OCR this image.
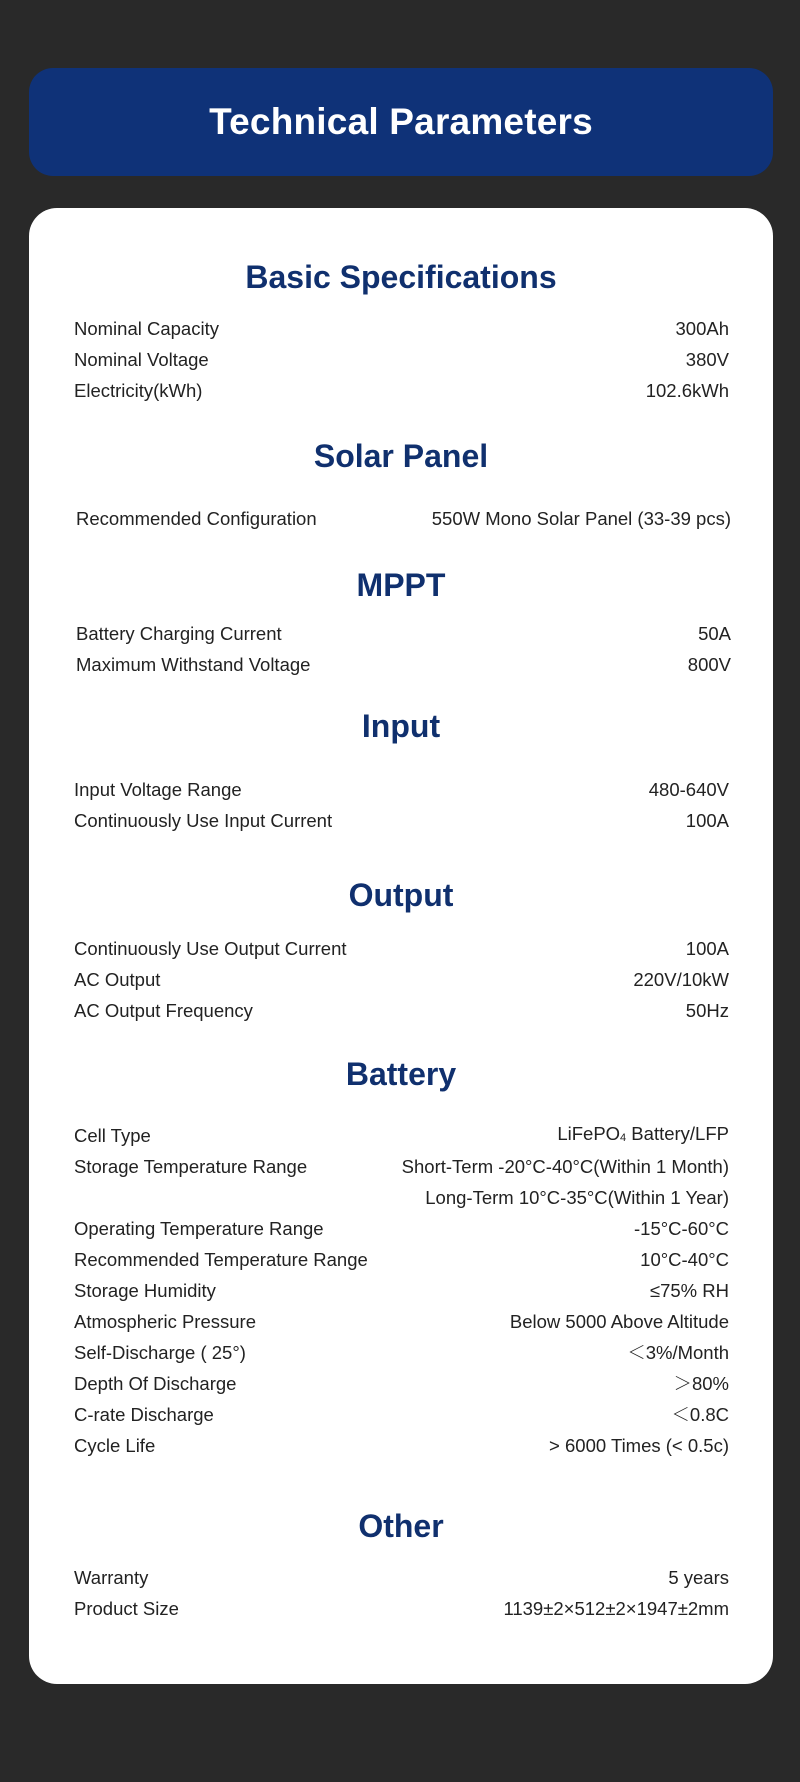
Technical Parameters
Basic Specifications
Nominal Capacity	300Ah
Nominal Voltage	380V
Electricity(kWh)	102.6kWh
Solar Panel
Recommended Configuration	550W Mono Solar Panel (33-39 pcs)
MPPT
Battery Charging Current	50A
Maximum Withstand Voltage	800V
Input
Input Voltage Range	480-640V
Continuously Use Input Current	100A
Output
Continuously Use Output Current	100A
AC Output	220V/10kW
AC Output Frequency	50Hz
Battery
Cell Type	LiFePO4 Battery/LFP
Storage Temperature Range	Short-Term -20°C-40°C(Within 1 Month)
Long-Term 10°C-35°C(Within 1 Year)
Operating Temperature Range	-15°C-60°C
Recommended Temperature Range	10°C-40°C
Storage Humidity	≤75% RH
Atmospheric Pressure	Below 5000 Above Altitude
Self-Discharge ( 25°)	＜3%/Month
Depth Of Discharge	＞80%
C-rate Discharge	＜0.8C
Cycle Life	> 6000 Times (< 0.5c)
Other
Warranty	5 years
Product Size	1139±2×512±2×1947±2mm
